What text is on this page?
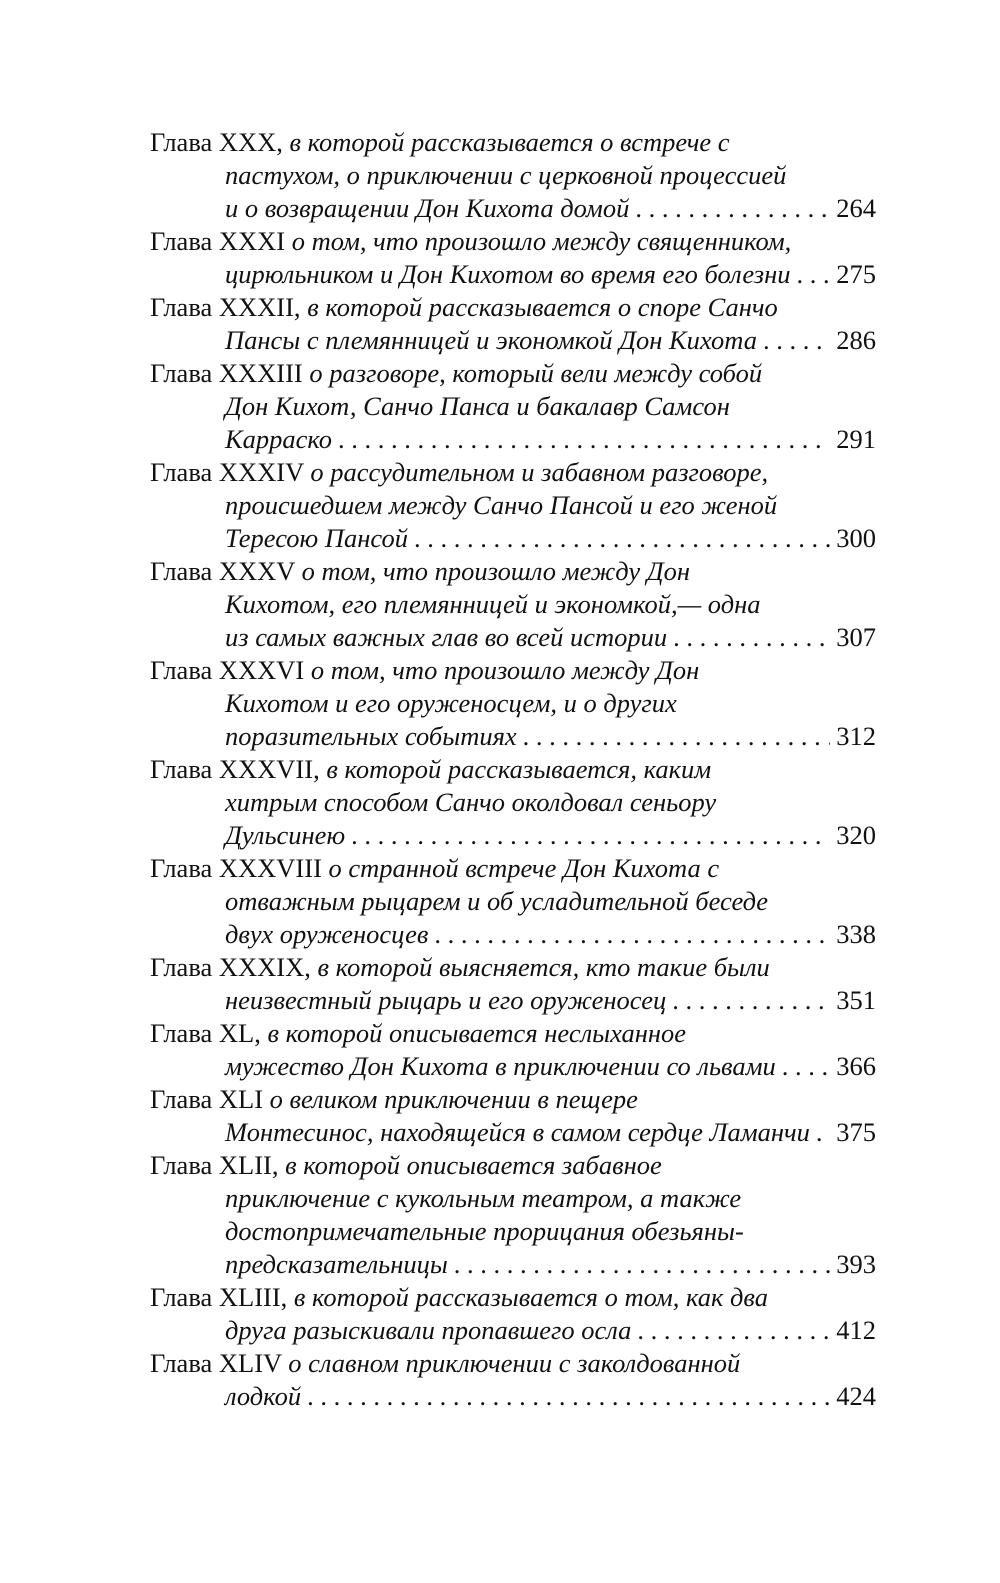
Глава XXX, в которой рассказывается о встрече с
пастухом, о приключении с церковной процессией
и о возвращении Дон Кихота домой . . .	264
Глава XXXI о том, что произошло между священником,
цирюльником и Дон Кихотом во время его болезни . . . 275
Глава XXXII, в которой рассказывается о споре Санчо
Пансы с племянницей и экономкой Дон Кихота . . .	286
Глава XXXIII о разговоре, который вели между собой
Дон Кихот, Санчо Панса и бакалавр Самсон
Карраско . . .	291
Глава XXXIV о рассудительном и забавном разговоре,
происшедшем между Санчо Пансой и его женой
Тересою Пансой . . .	300
Глава XXXV о том, что произошло между Дон
Кихотом, его племянницей и экономкой,— одна
из самых важных глав во всей истории . . .	307
Глава XXXVI о том, что произошло между Дон
Кихотом и его оруженосцем, и о других
поразительных событиях . . .	312
Глава XXXVII, в которой рассказывается, каким
хитрым способом Санчо околдовал сеньору
Дульсинею . . .	320
Глава XXXVIII о странной встрече Дон Кихота с
отважным рыцарем и об усладительной беседе
двух оруженосцев . . .	338
Глава XXXIX, в которой выясняется, кто такие были
неизвестный рыцарь и его оруженосец . . .	351
Глава XL, в которой описывается неслыханное
мужество Дон Кихота в приключении со львами . . . 366
Глава XLI о великом приключении в пещере
Монтесинос, находящейся в самом сердце Ламанчи . . . 375
Глава XLII, в которой описывается забавное
приключение с кукольным театром, а также
достопримечательные прорицания обезьяны-
предсказательницы . . .	393
Глава XLIII, в которой рассказывается о том, как два
друга разыскивали пропавшего осла . . .	412
Глава XLIV о славном приключении с заколдованной
лодкой . . .	424
